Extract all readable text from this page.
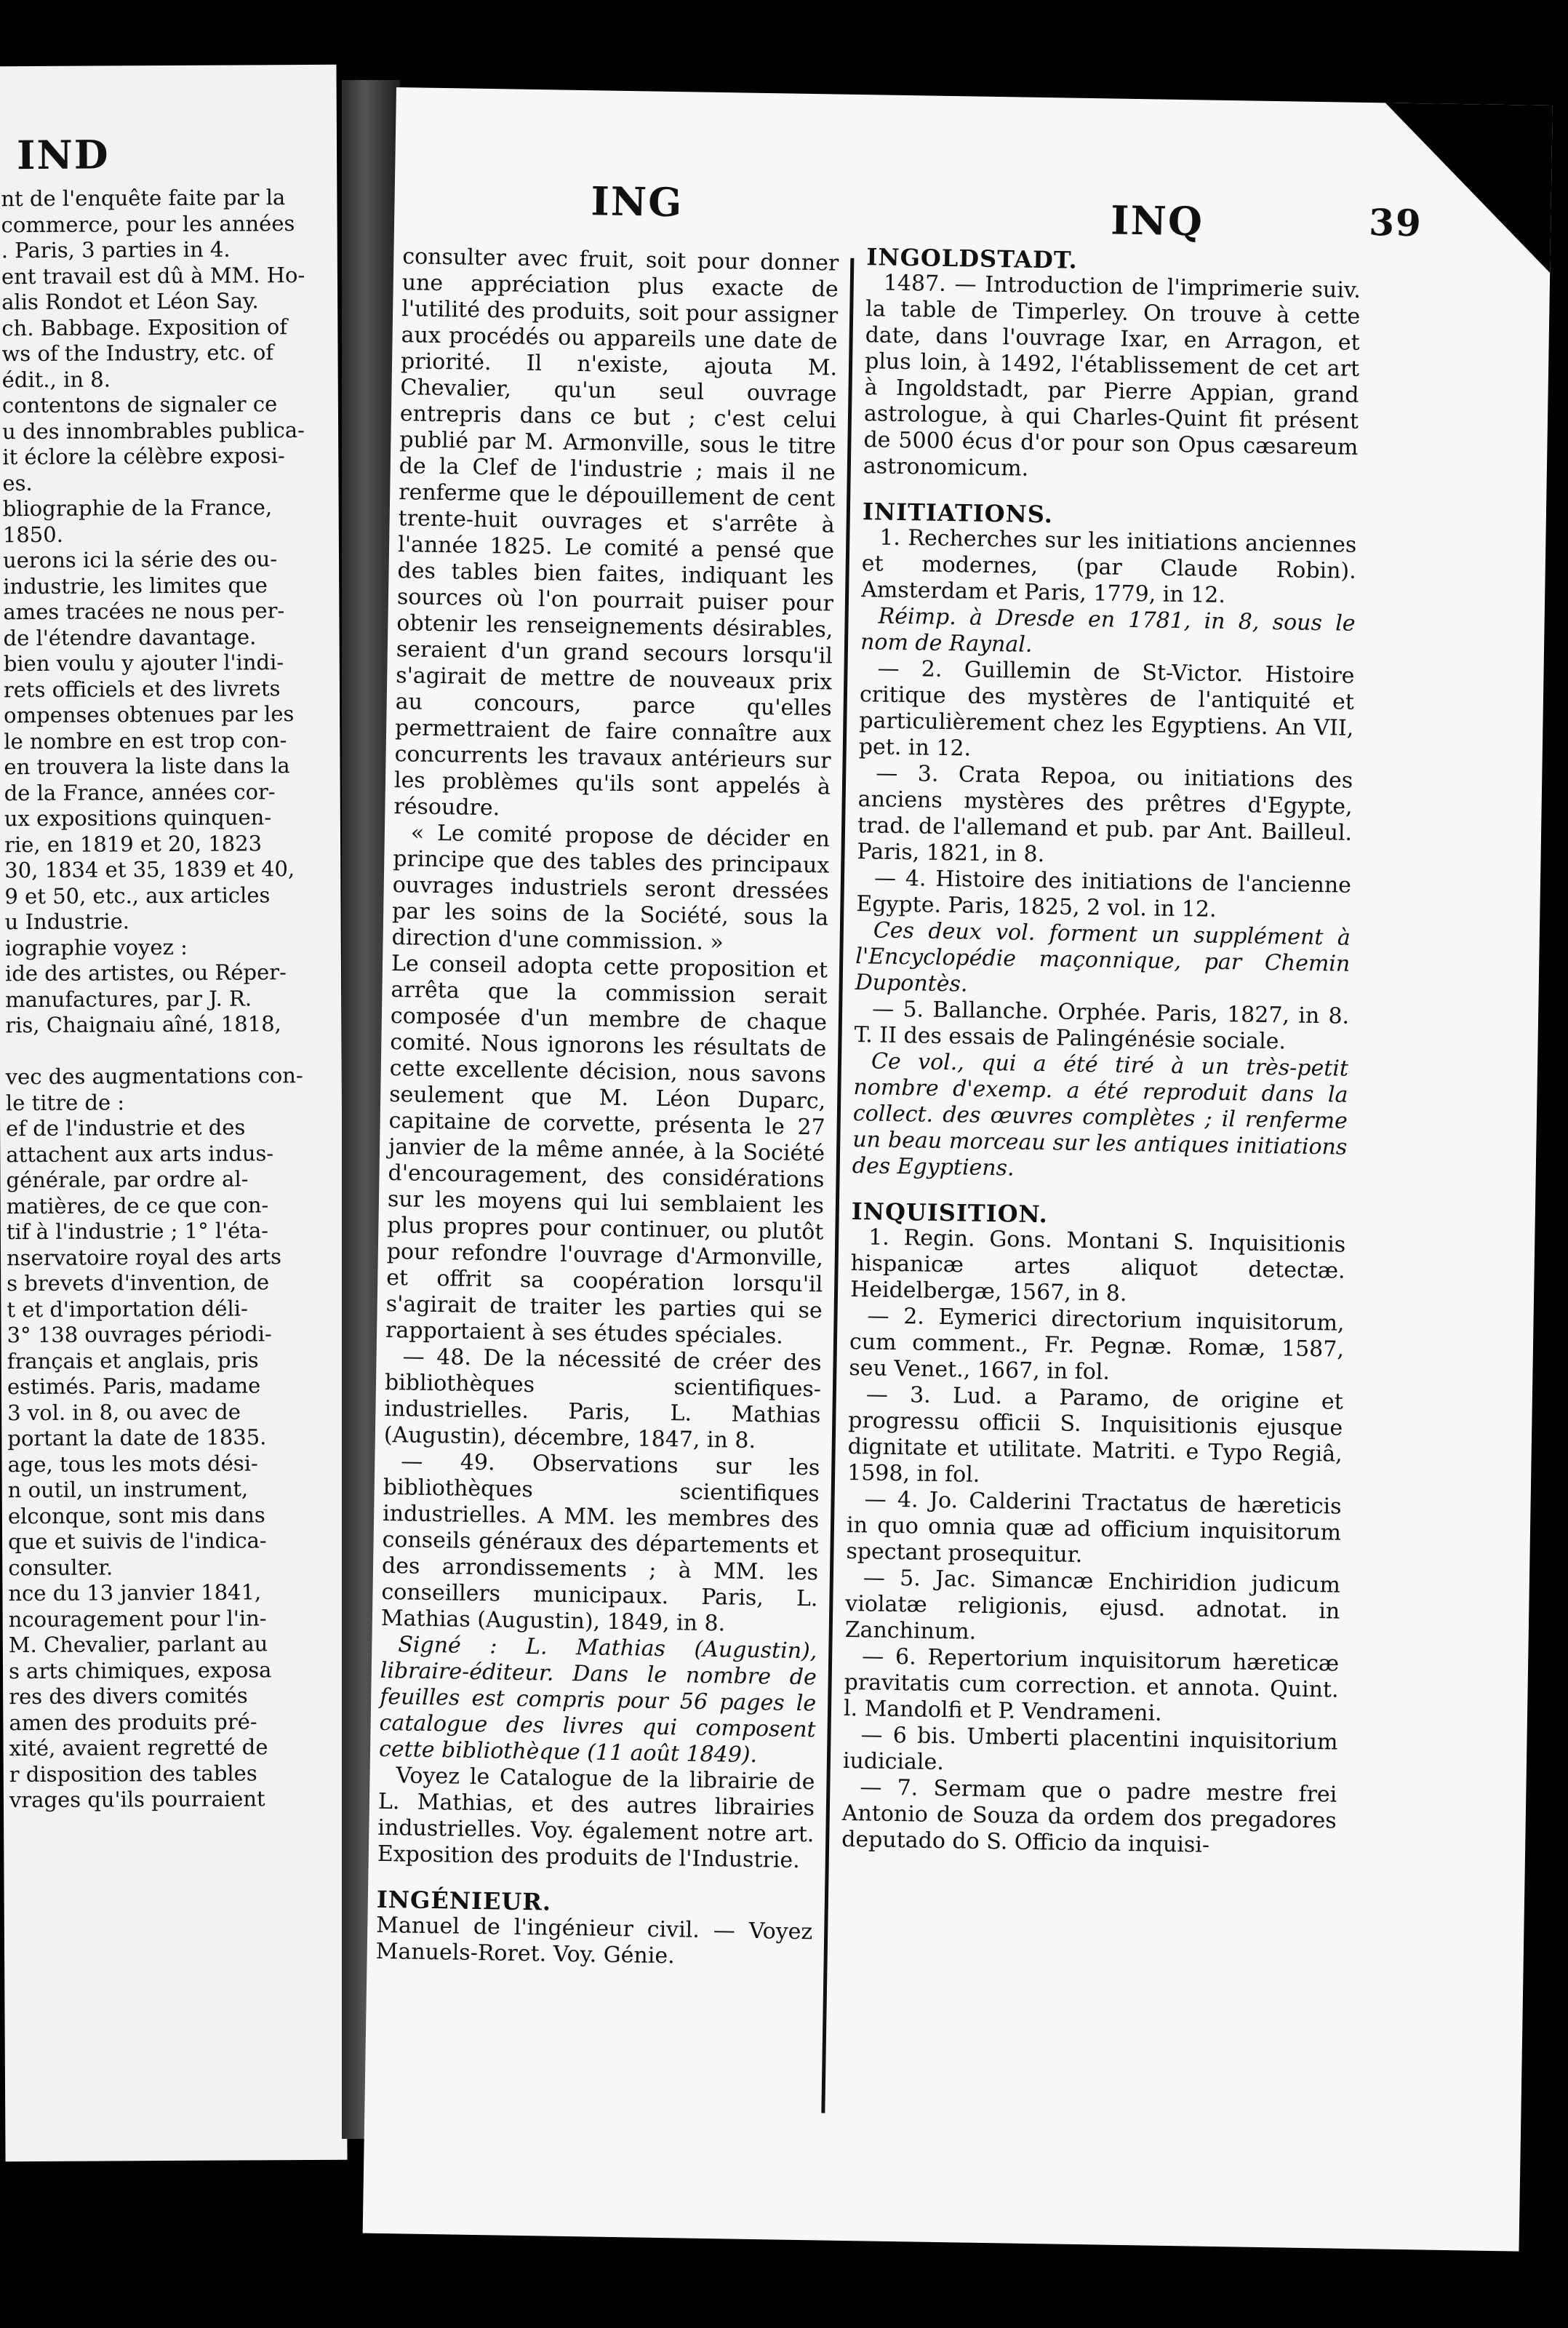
IND

nt de l'enquête faite par la

commerce, pour les années

. Paris, 3 parties in 4.

ent travail est dû à MM. Ho-

alis Rondot et Léon Say.

ch. Babbage. Exposition of

ws of the Industry, etc. of

édit., in 8.

contentons de signaler ce

u des innombrables publica-

it éclore la célèbre exposi-

es.

bliographie de la France,

1850.

uerons ici la série des ou-

industrie, les limites que

ames tracées ne nous per-

de l'étendre davantage.

bien voulu y ajouter l'indi-

rets officiels et des livrets

ompenses obtenues par les

le nombre en est trop con-

en trouvera la liste dans la

de la France, années cor-

ux expositions quinquen-

rie, en 1819 et 20, 1823

30, 1834 et 35, 1839 et 40,

9 et 50, etc., aux articles

u Industrie.

iographie voyez :

ide des artistes, ou Réper-

manufactures, par J. R.

ris, Chaignaiu aîné, 1818,

vec des augmentations con-

le titre de :

ef de l'industrie et des

attachent aux arts indus-

générale, par ordre al-

matières, de ce que con-

tif à l'industrie ; 1° l'éta-

nservatoire royal des arts

s brevets d'invention, de

t et d'importation déli-

3° 138 ouvrages périodi-

français et anglais, pris

estimés. Paris, madame

3 vol. in 8, ou avec de

portant la date de 1835.

age, tous les mots dési-

n outil, un instrument,

elconque, sont mis dans

que et suivis de l'indica-

consulter.

nce du 13 janvier 1841,

ncouragement pour l'in-

M. Chevalier, parlant au

s arts chimiques, exposa

res des divers comités

amen des produits pré-

xité, avaient regretté de

r disposition des tables

vrages qu'ils pourraient

ING	INQ	39

consulter avec fruit, soit pour donner une appréciation plus exacte de l'utilité des produits, soit pour assigner aux procédés ou appareils une date de priorité. Il n'existe, ajouta M. Chevalier, qu'un seul ouvrage entrepris dans ce but ; c'est celui publié par M. Armonville, sous le titre de la Clef de l'industrie ; mais il ne renferme que le dépouillement de cent trente-huit ouvrages et s'arrête à l'année 1825. Le comité a pensé que des tables bien faites, indiquant les sources où l'on pourrait puiser pour obtenir les renseignements désirables, seraient d'un grand secours lorsqu'il s'agirait de mettre de nouveaux prix au concours, parce qu'elles permettraient de faire connaître aux concurrents les travaux antérieurs sur les problèmes qu'ils sont appelés à résoudre.

« Le comité propose de décider en principe que des tables des principaux ouvrages industriels seront dressées par les soins de la Société, sous la direction d'une commission. »

Le conseil adopta cette proposition et arrêta que la commission serait composée d'un membre de chaque comité. Nous ignorons les résultats de cette excellente décision, nous savons seulement que M. Léon Duparc, capitaine de corvette, présenta le 27 janvier de la même année, à la Société d'encouragement, des considérations sur les moyens qui lui semblaient les plus propres pour continuer, ou plutôt pour refondre l'ouvrage d'Armonville, et offrit sa coopération lorsqu'il s'agirait de traiter les parties qui se rapportaient à ses études spéciales.

— 48. De la nécessité de créer des bibliothèques scientifiques-industrielles. Paris, L. Mathias (Augustin), décembre, 1847, in 8.

— 49. Observations sur les bibliothèques scientifiques industrielles. A MM. les membres des conseils généraux des départements et des arrondissements ; à MM. les conseillers municipaux. Paris, L. Mathias (Augustin), 1849, in 8.

Signé : L. Mathias (Augustin), libraire-éditeur. Dans le nombre de feuilles est compris pour 56 pages le catalogue des livres qui composent cette bibliothèque (11 août 1849).

Voyez le Catalogue de la librairie de L. Mathias, et des autres librairies industrielles. Voy. également notre art. Exposition des produits de l'Industrie.

INGÉNIEUR.

Manuel de l'ingénieur civil. — Voyez Manuels-Roret. Voy. Génie.

INGOLDSTADT.

1487. — Introduction de l'imprimerie suiv. la table de Timperley. On trouve à cette date, dans l'ouvrage Ixar, en Arragon, et plus loin, à 1492, l'établissement de cet art à Ingoldstadt, par Pierre Appian, grand astrologue, à qui Charles-Quint fit présent de 5000 écus d'or pour son Opus cæsareum astronomicum.

INITIATIONS.

1. Recherches sur les initiations anciennes et modernes, (par Claude Robin). Amsterdam et Paris, 1779, in 12.

Réimp. à Dresde en 1781, in 8, sous le nom de Raynal.

— 2. Guillemin de St-Victor. Histoire critique des mystères de l'antiquité et particulièrement chez les Egyptiens. An VII, pet. in 12.

— 3. Crata Repoa, ou initiations des anciens mystères des prêtres d'Egypte, trad. de l'allemand et pub. par Ant. Bailleul. Paris, 1821, in 8.

— 4. Histoire des initiations de l'ancienne Egypte. Paris, 1825, 2 vol. in 12.

Ces deux vol. forment un supplément à l'Encyclopédie maçonnique, par Chemin Dupontès.

— 5. Ballanche. Orphée. Paris, 1827, in 8. T. II des essais de Palingénésie sociale.

Ce vol., qui a été tiré à un très-petit nombre d'exemp. a été reproduit dans la collect. des œuvres complètes ; il renferme un beau morceau sur les antiques initiations des Egyptiens.

INQUISITION.

1. Regin. Gons. Montani S. Inquisitionis hispanicæ artes aliquot detectæ. Heidelbergæ, 1567, in 8.

— 2. Eymerici directorium inquisitorum, cum comment., Fr. Pegnæ. Romæ, 1587, seu Venet., 1667, in fol.

— 3. Lud. a Paramo, de origine et progressu officii S. Inquisitionis ejusque dignitate et utilitate. Matriti. e Typo Regiâ, 1598, in fol.

— 4. Jo. Calderini Tractatus de hæreticis in quo omnia quæ ad officium inquisitorum spectant prosequitur.

— 5. Jac. Simancæ Enchiridion judicum violatæ religionis, ejusd. adnotat. in Zanchinum.

— 6. Repertorium inquisitorum hæreticæ pravitatis cum correction. et annota. Quint. l. Mandolfi et P. Vendrameni.

— 6 bis. Umberti placentini inquisitorium iudiciale.

— 7. Sermam que o padre mestre frei Antonio de Souza da ordem dos pregadores deputado do S. Officio da inquisi-
